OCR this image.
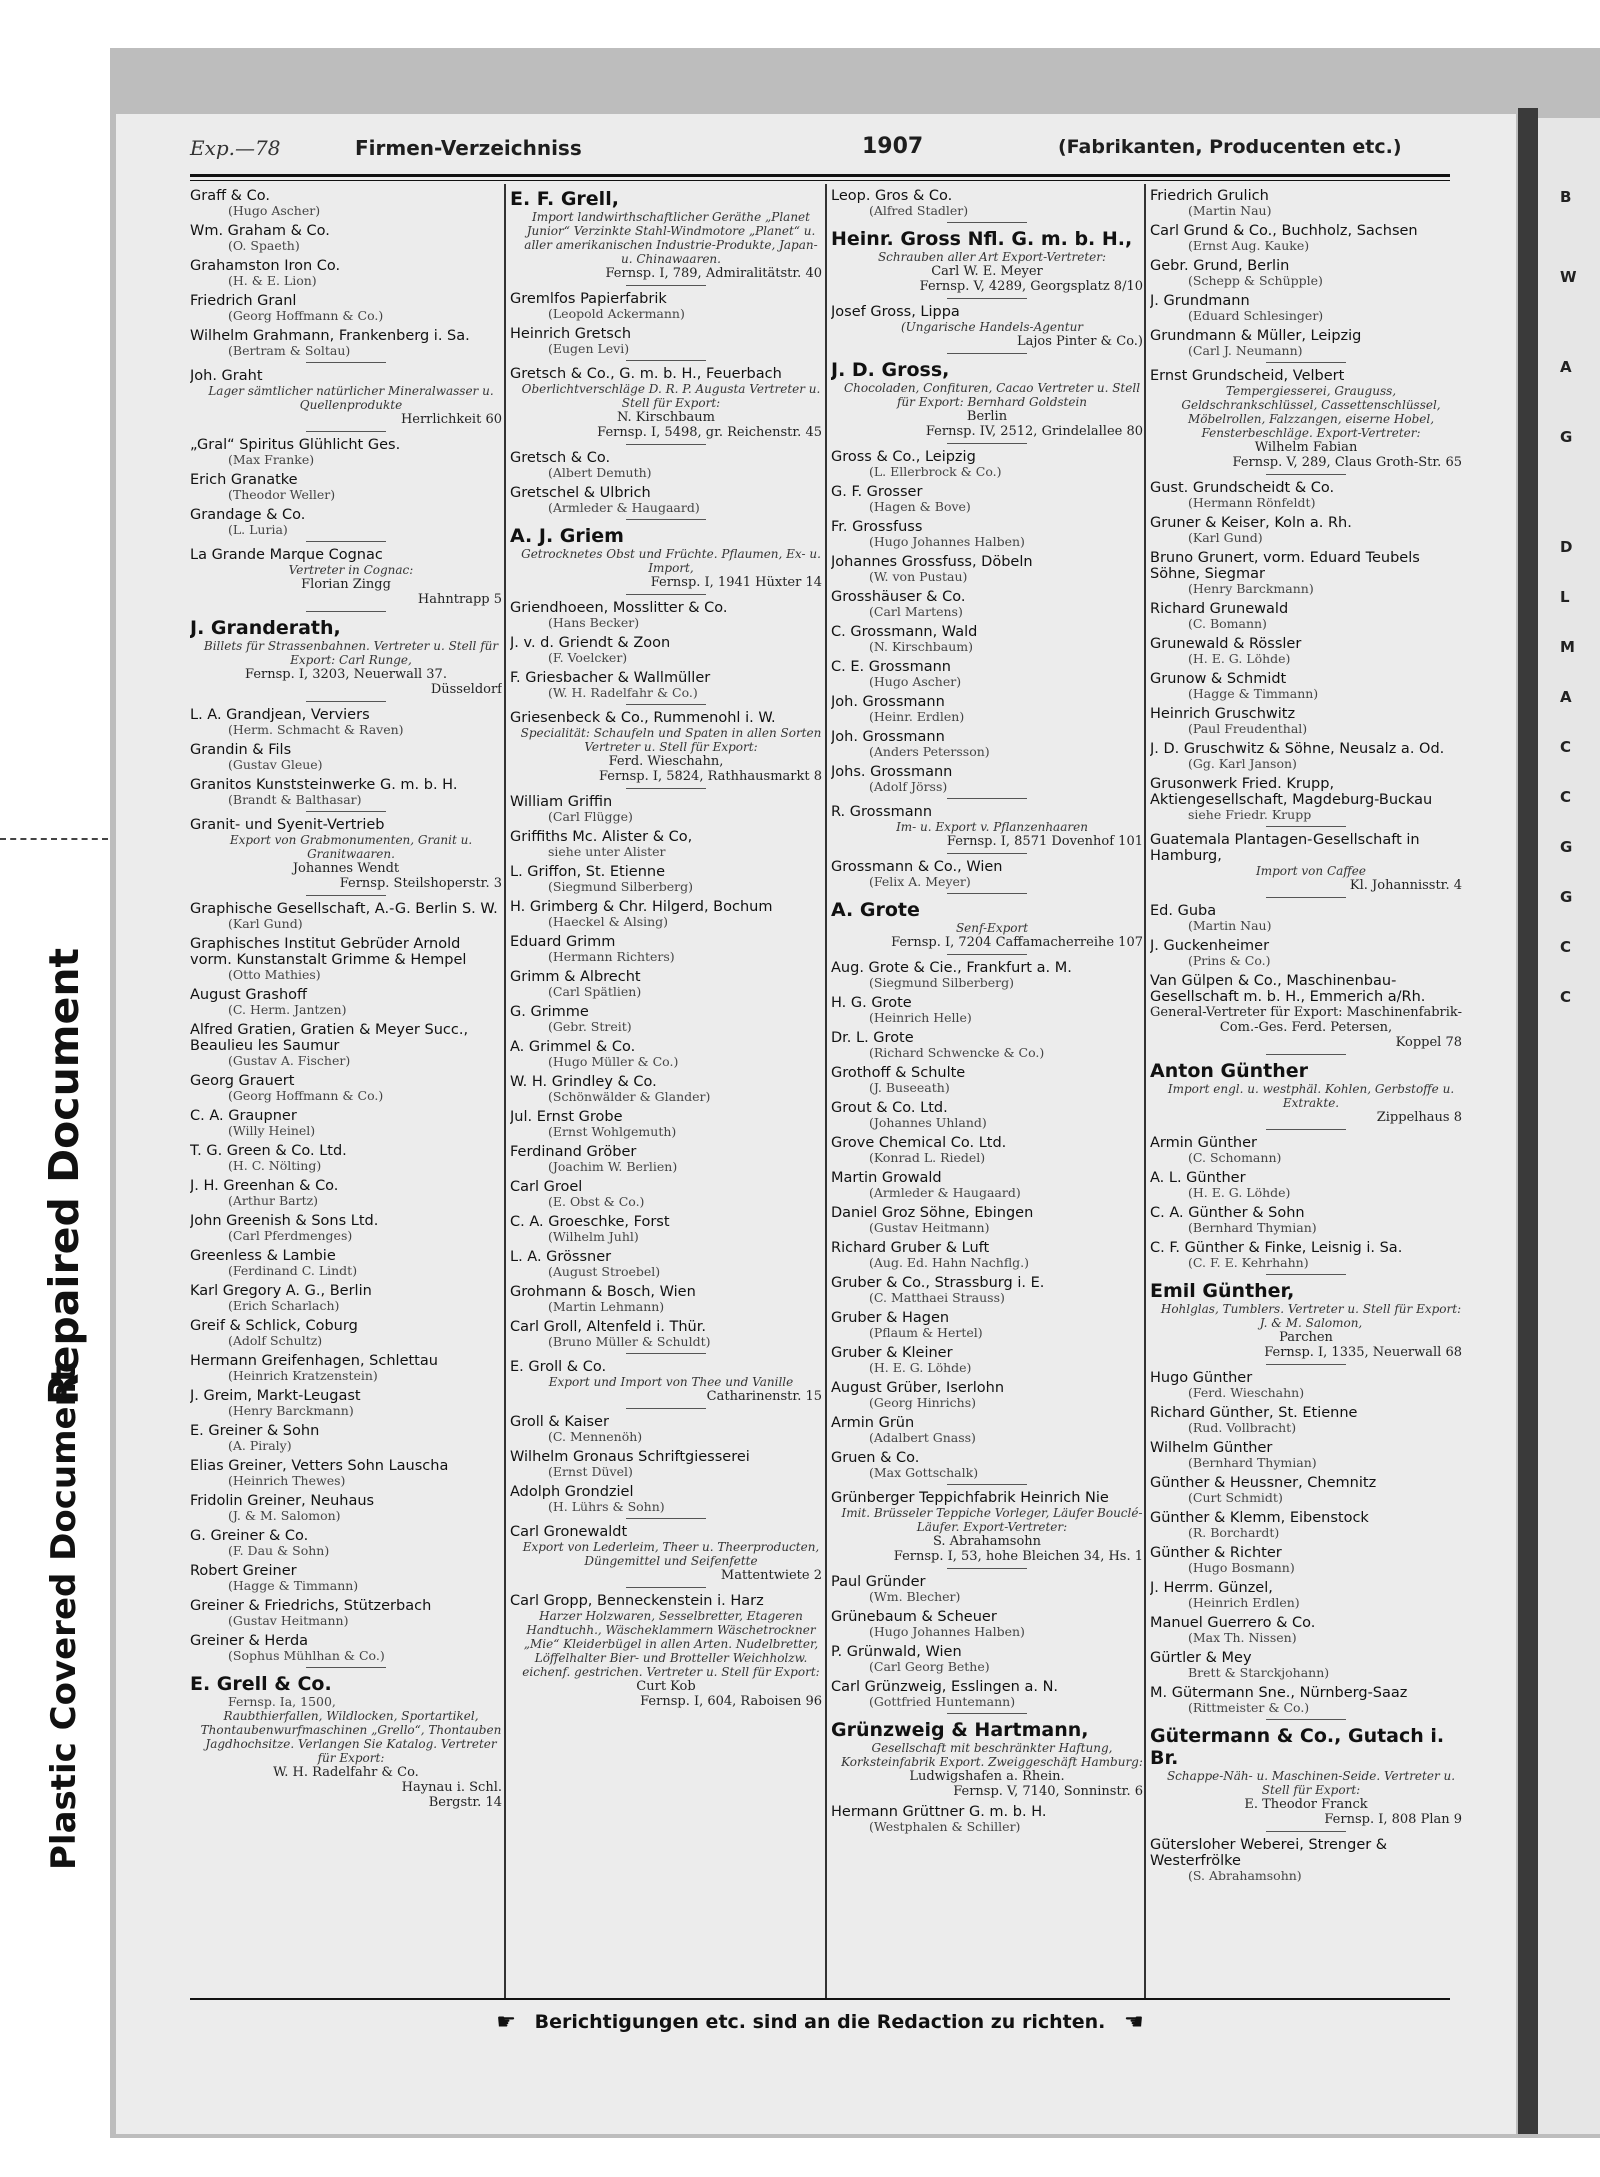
Repaired Document
Plastic Covered Document
B
W
A
G
D
L
M
A
C
C
G
G
C
C
Exp.—78	Firmen-Verzeichniss	1907	(Fabrikanten, Producenten etc.)
Graff & Co.
(Hugo Ascher)
Wm. Graham & Co.
(O. Spaeth)
Grahamston Iron Co.
(H. & E. Lion)
Friedrich Granl
(Georg Hoffmann & Co.)
Wilhelm Grahmann, Frankenberg i. Sa.
(Bertram & Soltau)
Joh. Graht
Lager sämtlicher natürlicher Mineralwasser u. Quellenprodukte
Herrlichkeit 60
„Gral“ Spiritus Glühlicht Ges.
(Max Franke)
Erich Granatke
(Theodor Weller)
Grandage & Co.
(L. Luria)
La Grande Marque Cognac
Vertreter in Cognac:
Florian Zingg
Hahntrapp 5
J. Granderath,
Billets für Strassenbahnen. Vertreter u. Stell für Export: Carl Runge,
Fernsp. I, 3203, Neuerwall 37.
Düsseldorf
L. A. Grandjean, Verviers
(Herm. Schmacht & Raven)
Grandin & Fils
(Gustav Gleue)
Granitos Kunststeinwerke G. m. b. H.
(Brandt & Balthasar)
Granit- und Syenit-Vertrieb
Export von Grabmonumenten, Granit u. Granitwaaren.
Johannes Wendt
Fernsp. Steilshoperstr. 3
Graphische Gesellschaft, A.-G. Berlin S. W.
(Karl Gund)
Graphisches Institut Gebrüder Arnold vorm. Kunstanstalt Grimme & Hempel
(Otto Mathies)
August Grashoff
(C. Herm. Jantzen)
Alfred Gratien, Gratien & Meyer Succ., Beaulieu les Saumur
(Gustav A. Fischer)
Georg Grauert
(Georg Hoffmann & Co.)
C. A. Graupner
(Willy Heinel)
T. G. Green & Co. Ltd.
(H. C. Nölting)
J. H. Greenhan & Co.
(Arthur Bartz)
John Greenish & Sons Ltd.
(Carl Pferdmenges)
Greenless & Lambie
(Ferdinand C. Lindt)
Karl Gregory A. G., Berlin
(Erich Scharlach)
Greif & Schlick, Coburg
(Adolf Schultz)
Hermann Greifenhagen, Schlettau
(Heinrich Kratzenstein)
J. Greim, Markt-Leugast
(Henry Barckmann)
E. Greiner & Sohn
(A. Piraly)
Elias Greiner, Vetters Sohn Lauscha
(Heinrich Thewes)
Fridolin Greiner, Neuhaus
(J. & M. Salomon)
G. Greiner & Co.
(F. Dau & Sohn)
Robert Greiner
(Hagge & Timmann)
Greiner & Friedrichs, Stützerbach
(Gustav Heitmann)
Greiner & Herda
(Sophus Mühlhan & Co.)
E. Grell & Co.
Fernsp. Ia, 1500,
Raubthierfallen, Wildlocken, Sportartikel, Thontaubenwurfmaschinen „Grello“, Thontauben Jagdhochsitze. Verlangen Sie Katalog. Vertreter für Export:
W. H. Radelfahr & Co.
Haynau i. Schl.
Bergstr. 14
E. F. Grell,
Import landwirthschaftlicher Geräthe „Planet Junior“ Verzinkte Stahl-Windmotore „Planet“ u. aller amerikanischen Industrie-Produkte, Japan- u. Chinawaaren.
Fernsp. I, 789, Admiralitätstr. 40
Gremlfos Papierfabrik
(Leopold Ackermann)
Heinrich Gretsch
(Eugen Levi)
Gretsch & Co., G. m. b. H., Feuerbach
Oberlichtverschläge D. R. P. Augusta Vertreter u. Stell für Export:
N. Kirschbaum
Fernsp. I, 5498, gr. Reichenstr. 45
Gretsch & Co.
(Albert Demuth)
Gretschel & Ulbrich
(Armleder & Haugaard)
A. J. Griem
Getrocknetes Obst und Früchte. Pflaumen, Ex- u. Import,
Fernsp. I, 1941 Hüxter 14
Griendhoeen, Mosslitter & Co.
(Hans Becker)
J. v. d. Griendt & Zoon
(F. Voelcker)
F. Griesbacher & Wallmüller
(W. H. Radelfahr & Co.)
Griesenbeck & Co., Rummenohl i. W.
Specialität: Schaufeln und Spaten in allen Sorten Vertreter u. Stell für Export:
Ferd. Wieschahn,
Fernsp. I, 5824, Rathhausmarkt 8
William Griffin
(Carl Flügge)
Griffiths Mc. Alister & Co,
siehe unter Alister
L. Griffon, St. Etienne
(Siegmund Silberberg)
H. Grimberg & Chr. Hilgerd, Bochum
(Haeckel & Alsing)
Eduard Grimm
(Hermann Richters)
Grimm & Albrecht
(Carl Spätlien)
G. Grimme
(Gebr. Streit)
A. Grimmel & Co.
(Hugo Müller & Co.)
W. H. Grindley & Co.
(Schönwälder & Glander)
Jul. Ernst Grobe
(Ernst Wohlgemuth)
Ferdinand Gröber
(Joachim W. Berlien)
Carl Groel
(E. Obst & Co.)
C. A. Groeschke, Forst
(Wilhelm Juhl)
L. A. Grössner
(August Stroebel)
Grohmann & Bosch, Wien
(Martin Lehmann)
Carl Groll, Altenfeld i. Thür.
(Bruno Müller & Schuldt)
E. Groll & Co.
Export und Import von Thee und Vanille
Catharinenstr. 15
Groll & Kaiser
(C. Mennenöh)
Wilhelm Gronaus Schriftgiesserei
(Ernst Düvel)
Adolph Grondziel
(H. Lührs & Sohn)
Carl Gronewaldt
Export von Lederleim, Theer u. Theerproducten, Düngemittel und Seifenfette
Mattentwiete 2
Carl Gropp, Benneckenstein i. Harz
Harzer Holzwaren, Sesselbretter, Etageren Handtuchh., Wäscheklammern Wäschetrockner „Mie“ Kleiderbügel in allen Arten. Nudelbretter, Löffelhalter Bier- und Brotteller Weichholzw. eichenf. gestrichen. Vertreter u. Stell für Export:
Curt Kob
Fernsp. I, 604, Raboisen 96
Leop. Gros & Co.
(Alfred Stadler)
Heinr. Gross Nfl. G. m. b. H.,
Schrauben aller Art Export-Vertreter:
Carl W. E. Meyer
Fernsp. V, 4289, Georgsplatz 8/10
Josef Gross, Lippa
(Ungarische Handels-Agentur
Lajos Pinter & Co.)
J. D. Gross,
Chocoladen, Confituren, Cacao Vertreter u. Stell für Export: Bernhard Goldstein
Berlin
Fernsp. IV, 2512, Grindelallee 80
Gross & Co., Leipzig
(L. Ellerbrock & Co.)
G. F. Grosser
(Hagen & Bove)
Fr. Grossfuss
(Hugo Johannes Halben)
Johannes Grossfuss, Döbeln
(W. von Pustau)
Grosshäuser & Co.
(Carl Martens)
C. Grossmann, Wald
(N. Kirschbaum)
C. E. Grossmann
(Hugo Ascher)
Joh. Grossmann
(Heinr. Erdlen)
Joh. Grossmann
(Anders Petersson)
Johs. Grossmann
(Adolf Jörss)
R. Grossmann
Im- u. Export v. Pflanzenhaaren
Fernsp. I, 8571 Dovenhof 101
Grossmann & Co., Wien
(Felix A. Meyer)
A. Grote
Senf-Export
Fernsp. I, 7204 Caffamacherreihe 107
Aug. Grote & Cie., Frankfurt a. M.
(Siegmund Silberberg)
H. G. Grote
(Heinrich Helle)
Dr. L. Grote
(Richard Schwencke & Co.)
Grothoff & Schulte
(J. Buseeath)
Grout & Co. Ltd.
(Johannes Uhland)
Grove Chemical Co. Ltd.
(Konrad L. Riedel)
Martin Growald
(Armleder & Haugaard)
Daniel Groz Söhne, Ebingen
(Gustav Heitmann)
Richard Gruber & Luft
(Aug. Ed. Hahn Nachflg.)
Gruber & Co., Strassburg i. E.
(C. Matthaei Strauss)
Gruber & Hagen
(Pflaum & Hertel)
Gruber & Kleiner
(H. E. G. Löhde)
August Grüber, Iserlohn
(Georg Hinrichs)
Armin Grün
(Adalbert Gnass)
Gruen & Co.
(Max Gottschalk)
Grünberger Teppichfabrik Heinrich Nie
Imit. Brüsseler Teppiche Vorleger, Läufer Bouclé-Läufer. Export-Vertreter:
S. Abrahamsohn
Fernsp. I, 53, hohe Bleichen 34, Hs. 1
Paul Gründer
(Wm. Blecher)
Grünebaum & Scheuer
(Hugo Johannes Halben)
P. Grünwald, Wien
(Carl Georg Bethe)
Carl Grünzweig, Esslingen a. N.
(Gottfried Huntemann)
Grünzweig & Hartmann,
Gesellschaft mit beschränkter Haftung,
Korksteinfabrik Export. Zweiggeschäft Hamburg:
Ludwigshafen a. Rhein.
Fernsp. V, 7140, Sonninstr. 6
Hermann Grüttner G. m. b. H.
(Westphalen & Schiller)
Friedrich Grulich
(Martin Nau)
Carl Grund & Co., Buchholz, Sachsen
(Ernst Aug. Kauke)
Gebr. Grund, Berlin
(Schepp & Schüpple)
J. Grundmann
(Eduard Schlesinger)
Grundmann & Müller, Leipzig
(Carl J. Neumann)
Ernst Grundscheid, Velbert
Tempergiesserei, Grauguss, Geldschrankschlüssel, Cassettenschlüssel, Möbelrollen, Falzzangen, eiserne Hobel, Fensterbeschläge. Export-Vertreter:
Wilhelm Fabian
Fernsp. V, 289, Claus Groth-Str. 65
Gust. Grundscheidt & Co.
(Hermann Rönfeldt)
Gruner & Keiser, Koln a. Rh.
(Karl Gund)
Bruno Grunert, vorm. Eduard Teubels Söhne, Siegmar
(Henry Barckmann)
Richard Grunewald
(C. Bomann)
Grunewald & Rössler
(H. E. G. Löhde)
Grunow & Schmidt
(Hagge & Timmann)
Heinrich Gruschwitz
(Paul Freudenthal)
J. D. Gruschwitz & Söhne, Neusalz a. Od.
(Gg. Karl Janson)
Grusonwerk Fried. Krupp, Aktiengesellschaft, Magdeburg-Buckau
siehe Friedr. Krupp
Guatemala Plantagen-Gesellschaft in Hamburg,
Import von Caffee
Kl. Johannisstr. 4
Ed. Guba
(Martin Nau)
J. Guckenheimer
(Prins & Co.)
Van Gülpen & Co., Maschinenbau-Gesellschaft m. b. H., Emmerich a/Rh.
General-Vertreter für Export: Maschinenfabrik-Com.-Ges. Ferd. Petersen,
Koppel 78
Anton Günther
Import engl. u. westphäl. Kohlen, Gerbstoffe u. Extrakte.
Zippelhaus 8
Armin Günther
(C. Schomann)
A. L. Günther
(H. E. G. Löhde)
C. A. Günther & Sohn
(Bernhard Thymian)
C. F. Günther & Finke, Leisnig i. Sa.
(C. F. E. Kehrhahn)
Emil Günther,
Hohlglas, Tumblers. Vertreter u. Stell für Export: J. & M. Salomon,
Parchen
Fernsp. I, 1335, Neuerwall 68
Hugo Günther
(Ferd. Wieschahn)
Richard Günther, St. Etienne
(Rud. Vollbracht)
Wilhelm Günther
(Bernhard Thymian)
Günther & Heussner, Chemnitz
(Curt Schmidt)
Günther & Klemm, Eibenstock
(R. Borchardt)
Günther & Richter
(Hugo Bosmann)
J. Herrm. Günzel,
(Heinrich Erdlen)
Manuel Guerrero & Co.
(Max Th. Nissen)
Gürtler & Mey
Brett & Starckjohann)
M. Gütermann Sne., Nürnberg-Saaz
(Rittmeister & Co.)
Gütermann & Co., Gutach i. Br.
Schappe-Näh- u. Maschinen-Seide. Vertreter u. Stell für Export:
E. Theodor Franck
Fernsp. I, 808 Plan 9
Gütersloher Weberei, Strenger & Westerfrölke
(S. Abrahamsohn)
☛ Berichtigungen etc. sind an die Redaction zu richten. ☚
